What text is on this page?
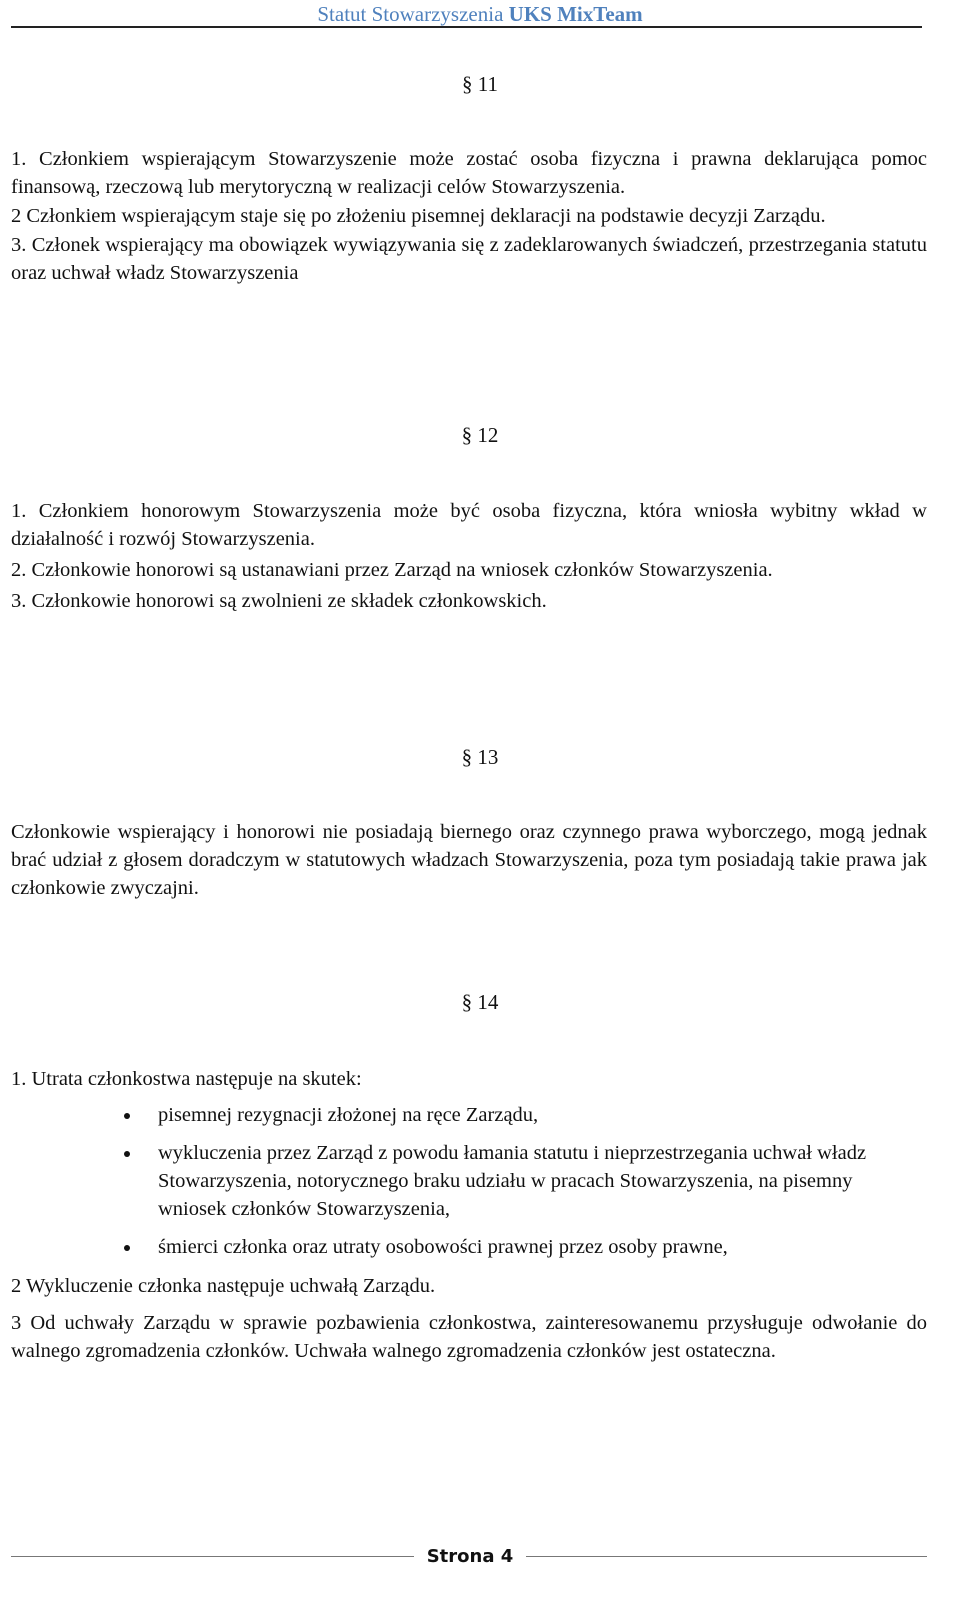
Statut Stowarzyszenia UKS MixTeam
§ 11

1. Członkiem wspierającym Stowarzyszenie może zostać osoba fizyczna i prawna deklarująca pomoc finansową, rzeczową lub merytoryczną w realizacji celów Stowarzyszenia.

2 Członkiem wspierającym staje się po złożeniu pisemnej deklaracji na podstawie decyzji Zarządu.

3. Członek wspierający ma obowiązek wywiązywania się z zadeklarowanych świadczeń, przestrzegania statutu oraz uchwał władz Stowarzyszenia

§ 12

1. Członkiem honorowym Stowarzyszenia może być osoba fizyczna, która wniosła wybitny wkład w działalność i rozwój Stowarzyszenia.

2. Członkowie honorowi są ustanawiani przez Zarząd na wniosek członków Stowarzyszenia.

3. Członkowie honorowi są zwolnieni ze składek członkowskich.

§ 13

Członkowie wspierający i honorowi nie posiadają biernego oraz czynnego prawa wyborczego, mogą jednak brać udział z głosem doradczym w statutowych władzach Stowarzyszenia, poza tym posiadają takie prawa jak członkowie zwyczajni.

§ 14
1. Utrata członkostwa następuje na skutek:
pisemnej rezygnacji złożonej na ręce Zarządu,
wykluczenia przez Zarząd z powodu łamania statutu i nieprzestrzegania uchwał władz Stowarzyszenia, notorycznego braku udziału w pracach Stowarzyszenia, na pisemny wniosek członków Stowarzyszenia,
śmierci członka oraz utraty osobowości prawnej przez osoby prawne,
2 Wykluczenie członka następuje uchwałą Zarządu.
3 Od uchwały Zarządu w sprawie pozbawienia członkostwa, zainteresowanemu przysługuje odwołanie do walnego zgromadzenia członków. Uchwała walnego zgromadzenia członków jest ostateczna.
Strona 4
